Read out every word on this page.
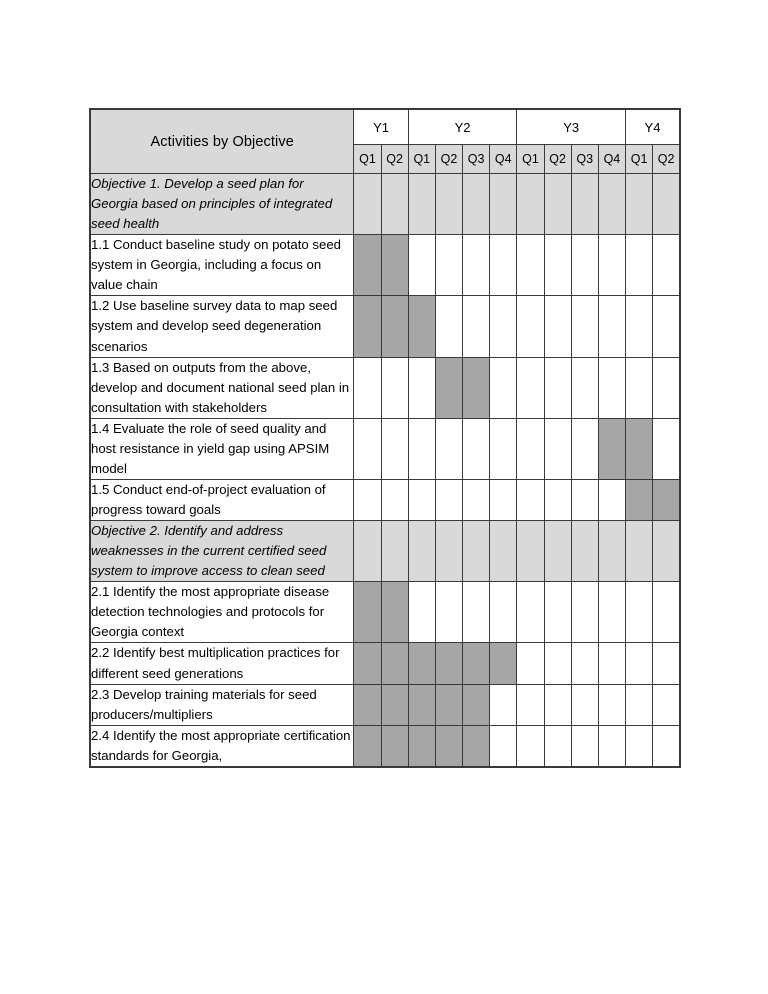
Activities by Objective	Y1		Y2				Y3				Y4	
	Q1	Q2	Q1	Q2	Q3	Q4	Q1	Q2	Q3	Q4	Q1	Q2
Objective 1. Develop a seed plan for Georgia based on principles of integrated seed health												
1.1 Conduct baseline study on potato seed system in Georgia, including a focus on value chain												
1.2 Use baseline survey data to map seed system and develop seed degeneration scenarios												
1.3 Based on outputs from the above, develop and document national seed plan in consultation with stakeholders												
1.4 Evaluate the role of seed quality and host resistance in yield gap using APSIM model												
1.5 Conduct end-of-project evaluation of progress toward goals												
Objective 2. Identify and address weaknesses in the current certified seed system to improve access to clean seed												
2.1 Identify the most appropriate disease detection technologies and protocols for Georgia context												
2.2 Identify best multiplication practices for different seed generations												
2.3 Develop training materials for seed producers/multipliers												
2.4 Identify the most appropriate certification standards for Georgia,												
